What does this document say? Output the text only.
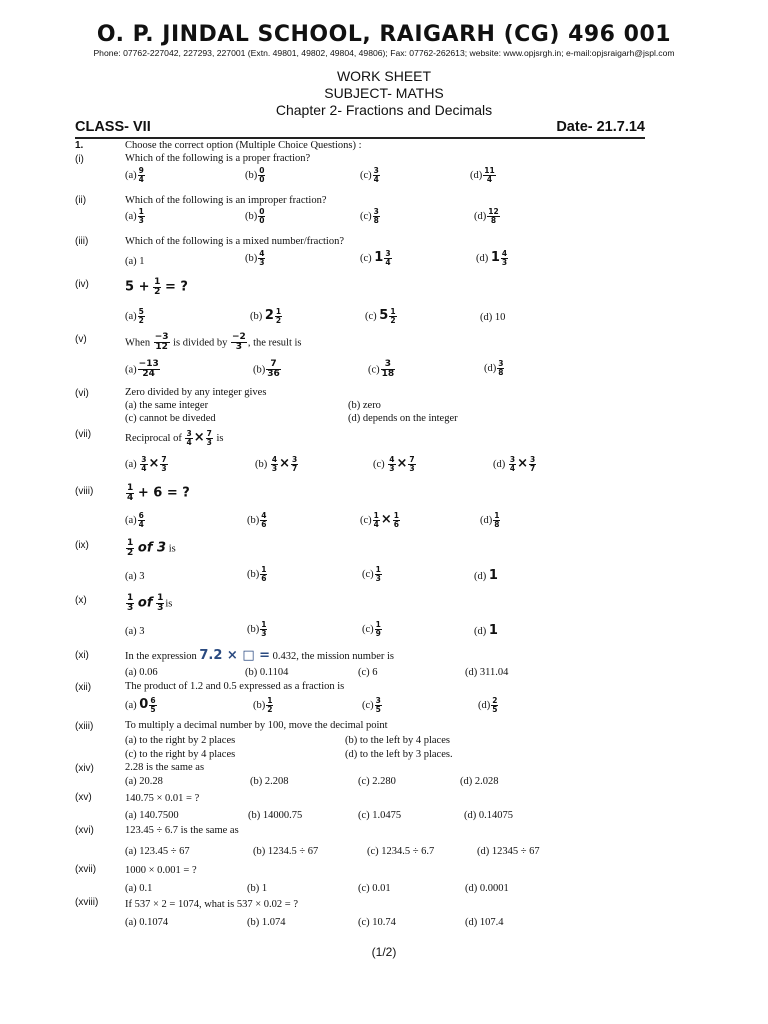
O. P. JINDAL SCHOOL, RAIGARH (CG) 496 001
Phone: 07762-227042, 227293, 227001 (Extn. 49801, 49802, 49804, 49806); Fax: 07762-262613; website: www.opjsrgh.in; e-mail:opjsraigarh@jspl.com
WORK SHEET
SUBJECT- MATHS
Chapter 2- Fractions and Decimals
CLASS- VII	Date- 21.7.14
1.	Choose the correct option (Multiple Choice Questions) :
(i)	Which of the following is a proper fraction?
$(a) \frac{9}{4}$	$(b) \frac{0}{0}$	$(c) \frac{3}{4}$	$(d) \frac{11}{4}$
(ii)	Which of the following is an improper fraction?
$(a) \frac{1}{3}$	$(b) \frac{0}{0}$	$(c) \frac{3}{8}$	$(d) \frac{12}{8}$
(iii)	Which of the following is a mixed number/fraction?
(a) 1	$(b) \frac{4}{3}$	(c) $1 \frac{3}{4}$	(d) $1 \frac{4}{3}$
(iv)	$5 + \frac{1}{2}$ = ?
$(a) \frac{5}{2}$	(b) $2 \frac{1}{2}$	(c) $5 \frac{1}{2}$	(d) 10
(v)	When $\frac{-3}{12}$ is divided by $\frac{-2}{3}$ , the result is
$(a) \frac{-13}{24}$	$(b) \frac{7}{36}$	$(c) \frac{3}{18}$	$(d) \frac{3}{8}$
(vi)	Zero divided by any integer gives
(a) the same integer	(b) zero
(c) cannot be diveded	(d) depends on the integer
(vii)	Reciprocal of $\frac{3}{4} \times \frac{7}{3}$ is
$(a) \frac{3}{4} \times \frac{7}{3}$	$(b) \frac{4}{3} \times \frac{3}{7}$	$(c) \frac{4}{3} \times \frac{7}{3}$	$(d) \frac{3}{4} \times \frac{3}{7}$
(viii)	$\frac{1}{4} + 6$ = ?
$(a) \frac{6}{4}$	$(b) \frac{4}{6}$	$(c) \frac{1}{4} \times \frac{1}{6}$	$(d) \frac{1}{8}$
(ix)	$\frac{1}{2}$ of 3 is
(a) 3	$(b) \frac{1}{6}$	$(c) \frac{1}{3}$	(d) 1
(x)	$\frac{1}{3}$ of $\frac{1}{3}$ is
(a) 3	$(b) \frac{1}{3}$	$(c) \frac{1}{9}$	(d) 1
(xi)	In the expression 7.2 × □ = 0.432, the mission number is
(a) 0.06	(b) 0.1104	(c) 6	(d) 311.04
(xii)	The product of 1.2 and 0.5 expressed as a fraction is
(a) $0 \frac{6}{5}$	$(b) \frac{1}{2}$	$(c) \frac{3}{5}$	$(d) \frac{2}{5}$
(xiii)	To multiply a decimal number by 100, move the decimal point
(a) to the right by 2 places	(b) to the left by 4 places
(c) to the right by 4 places	(d) to the left by 3 places.
(xiv)	2.28 is the same as
(a) 20.28	(b) 2.208	(c) 2.280	(d) 2.028
(xv)	140.75 × 0.01 = ?
(a) 140.7500	(b) 14000.75	(c) 1.0475	(d) 0.14075
(xvi)	123.45 ÷ 6.7 is the same as
(a) 123.45 ÷ 67	(b) 1234.5 ÷ 67	(c) 1234.5 ÷ 6.7	(d) 12345 ÷ 67
(xvii)	1000 × 0.001 = ?
(a) 0.1	(b) 1	(c) 0.01	(d) 0.0001
(xviii)	If 537 × 2 = 1074, what is 537 × 0.02 = ?
(a) 0.1074	(b) 1.074	(c) 10.74	(d) 107.4
(1/2)
